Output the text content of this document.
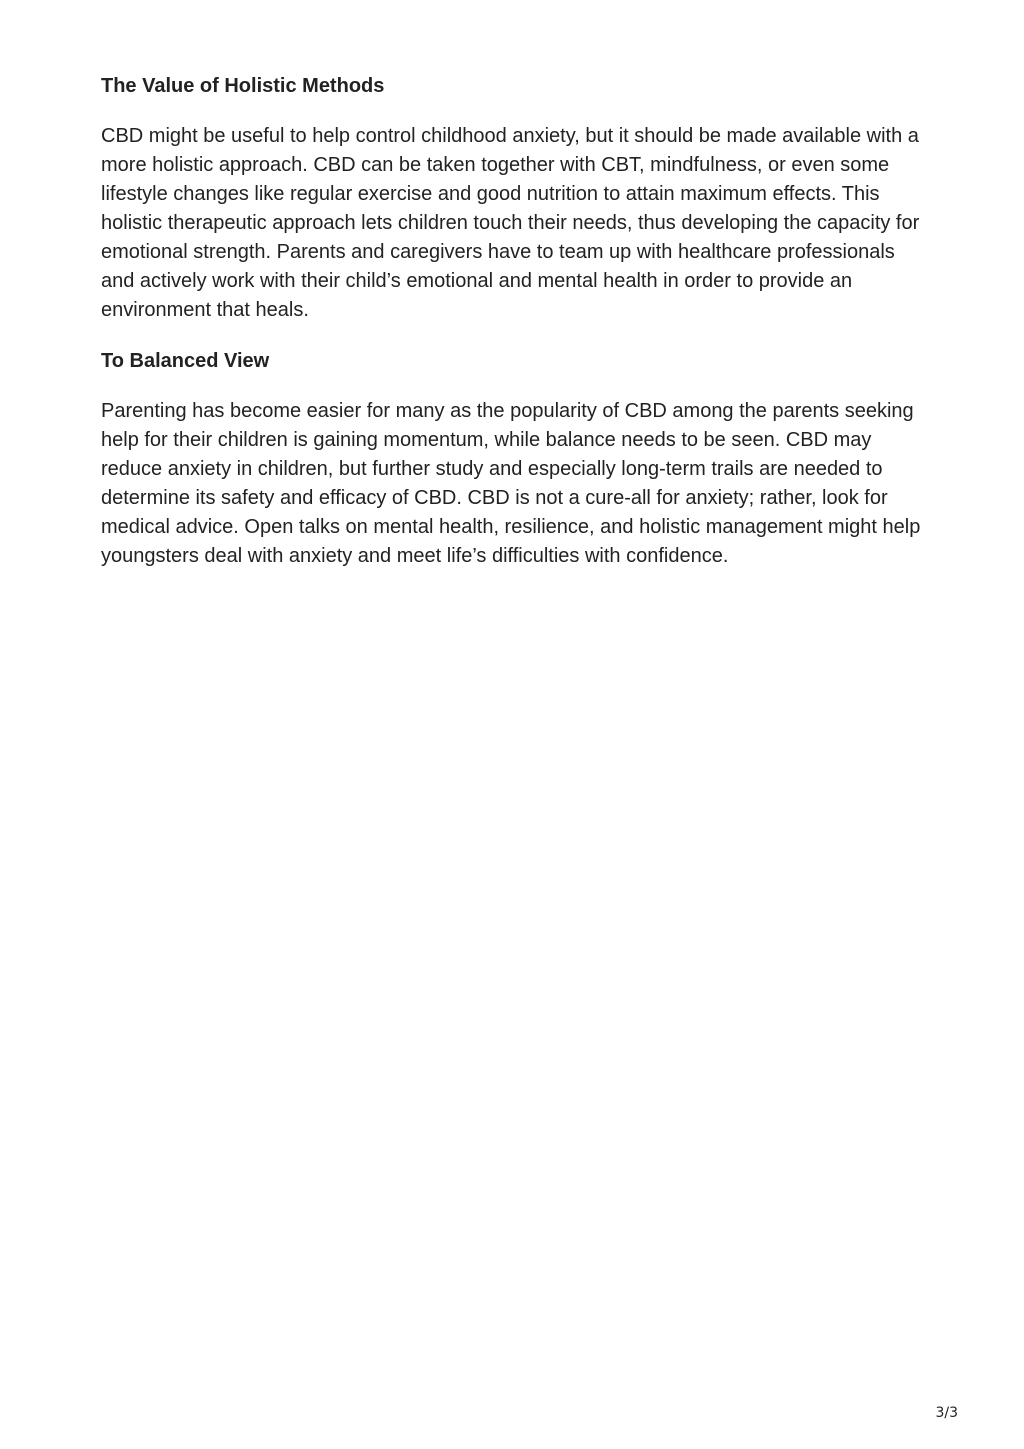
The Value of Holistic Methods

CBD might be useful to help control childhood anxiety, but it should be made available with a more holistic approach. CBD can be taken together with CBT, mindfulness, or even some lifestyle changes like regular exercise and good nutrition to attain maximum effects. This holistic therapeutic approach lets children touch their needs, thus developing the capacity for emotional strength. Parents and caregivers have to team up with healthcare professionals and actively work with their child’s emotional and mental health in order to provide an environment that heals.

To Balanced View

Parenting has become easier for many as the popularity of CBD among the parents seeking help for their children is gaining momentum, while balance needs to be seen. CBD may reduce anxiety in children, but further study and especially long-term trails are needed to determine its safety and efficacy of CBD. CBD is not a cure-all for anxiety; rather, look for medical advice. Open talks on mental health, resilience, and holistic management might help youngsters deal with anxiety and meet life’s difficulties with confidence.

3/3
